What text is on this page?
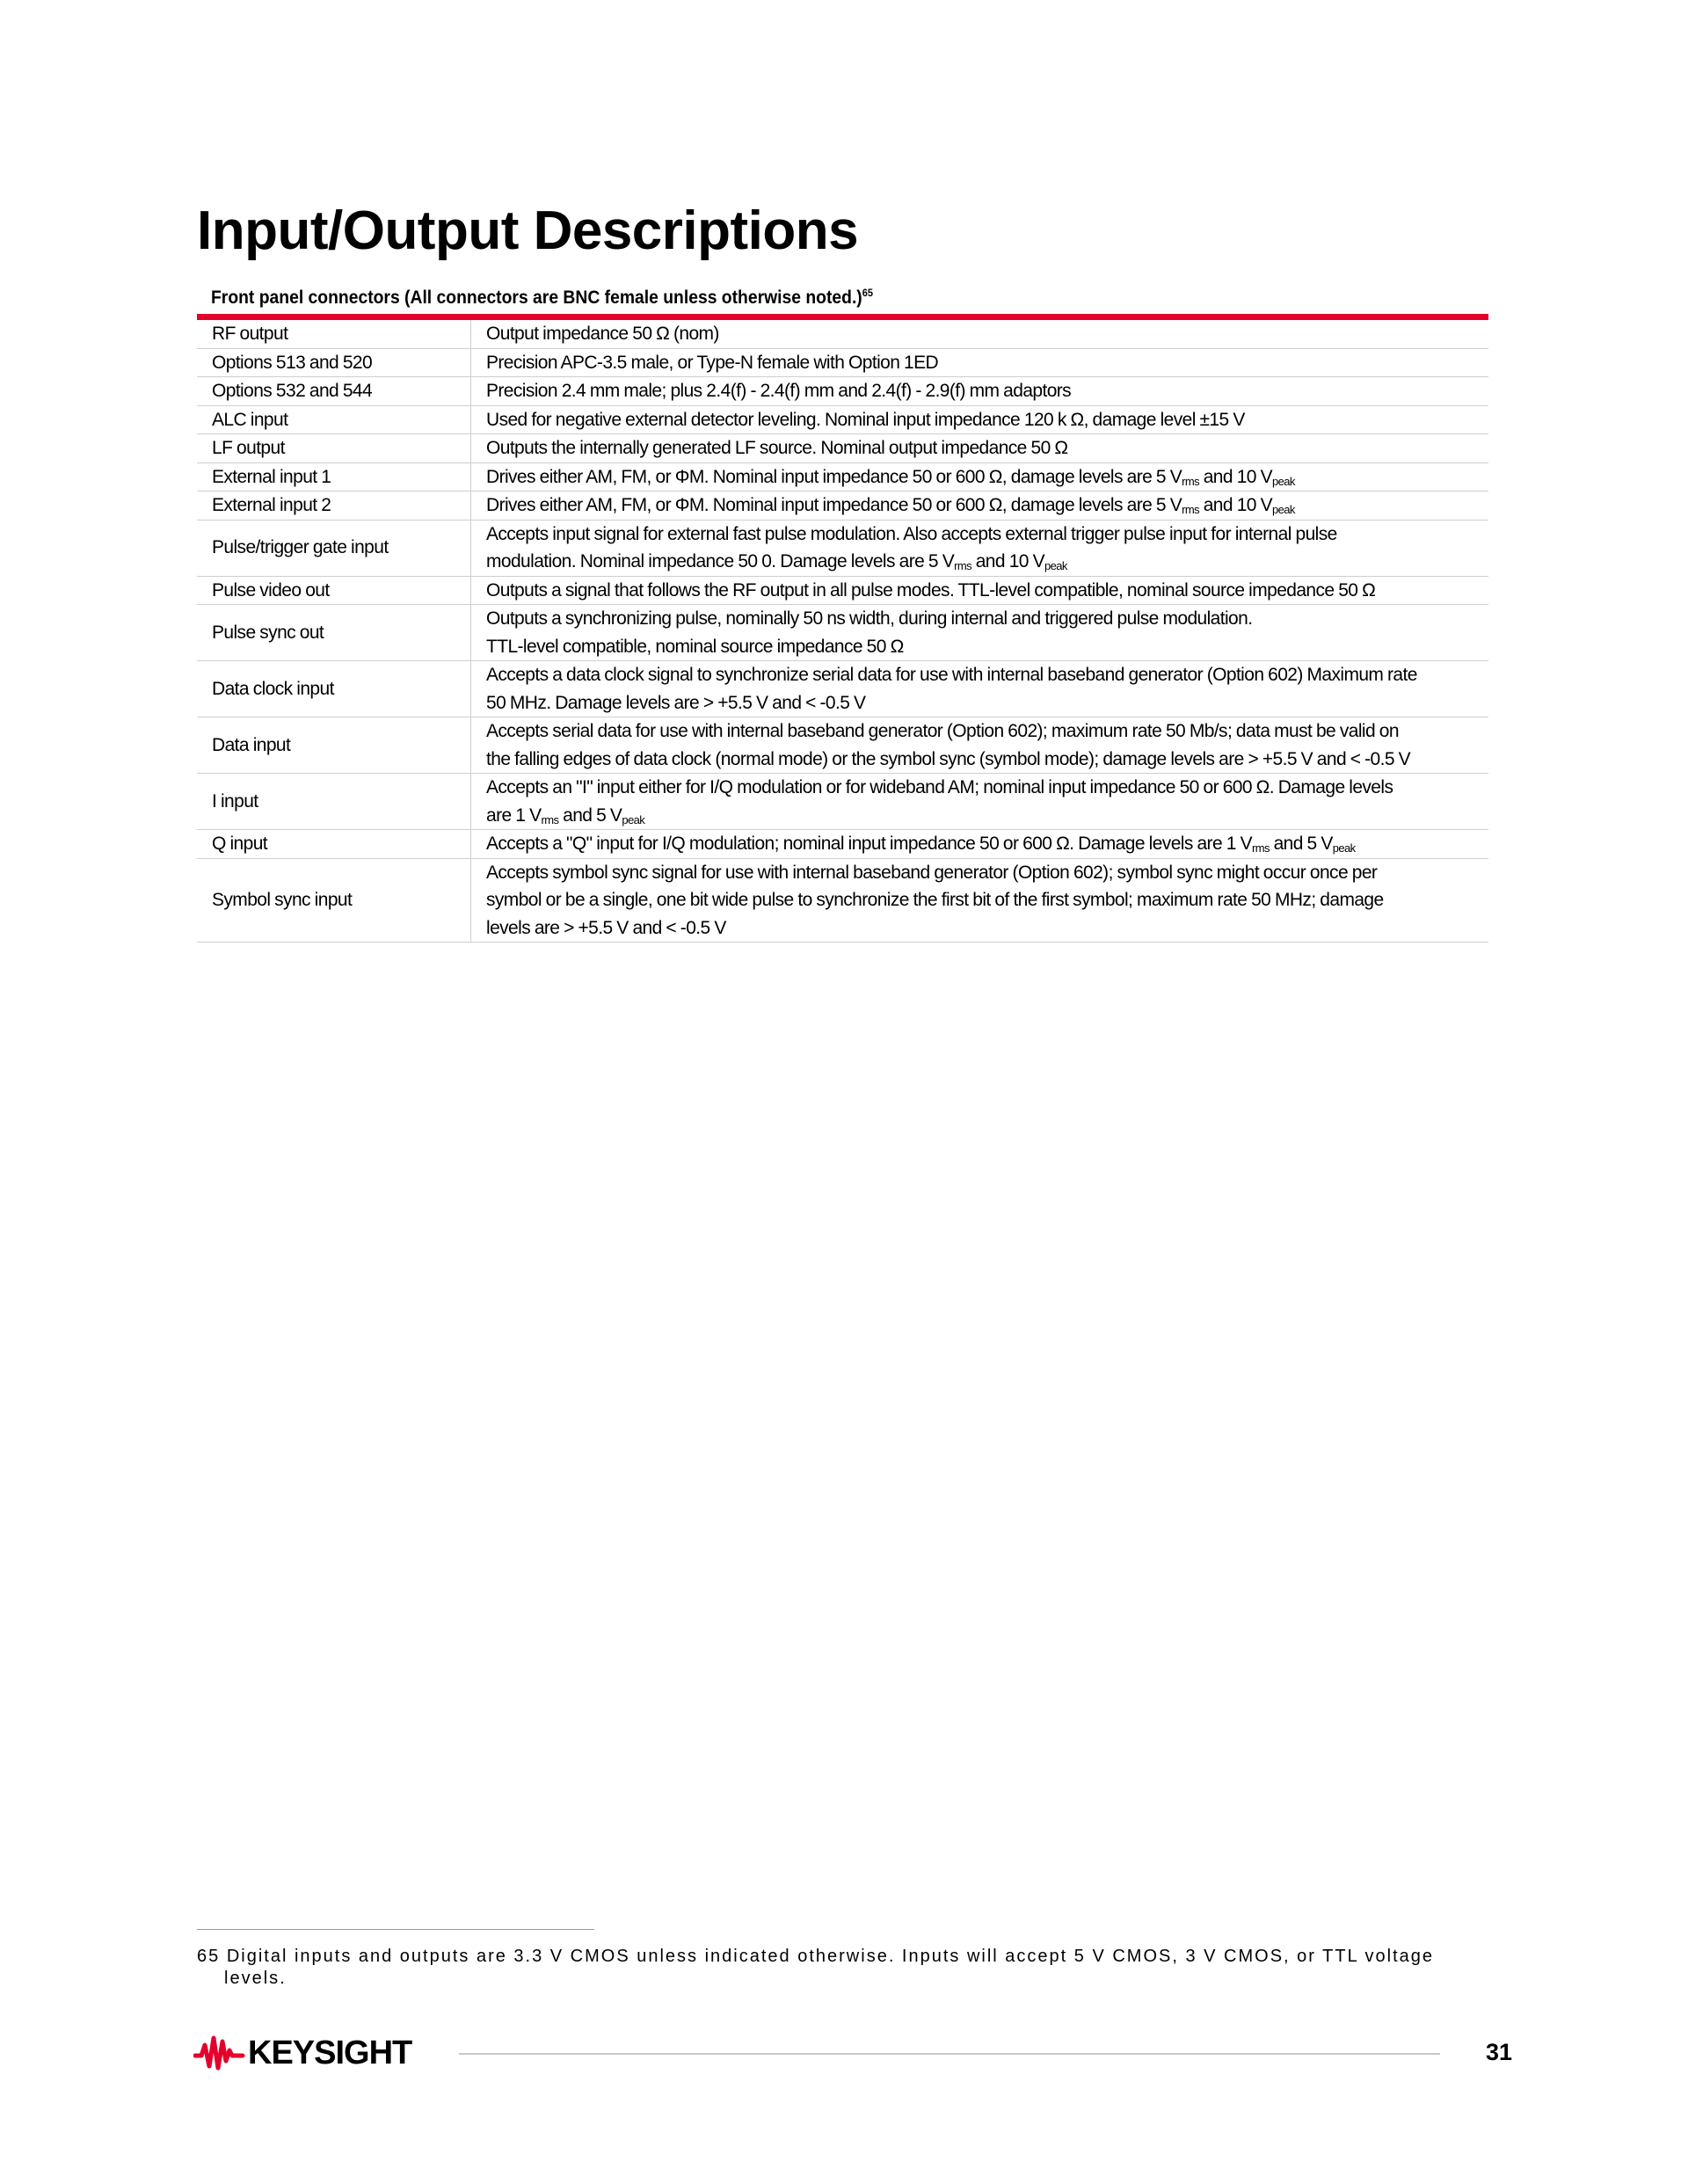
Input/Output Descriptions
Front panel connectors (All connectors are BNC female unless otherwise noted.)$^{65}$
RF output	Output impedance 50 Ω (nom)

Options 513 and 520	Precision APC-3.5 male, or Type-N female with Option 1ED

Options 532 and 544	Precision 2.4 mm male; plus 2.4(f) - 2.4(f) mm and 2.4(f) - 2.9(f) mm adaptors

ALC input	Used for negative external detector leveling. Nominal input impedance 120 k Ω, damage level ±15 V

LF output	Outputs the internally generated LF source. Nominal output impedance 50 Ω

External input 1	Drives either AM, FM, or ΦM. Nominal input impedance 50 or 600 Ω, damage levels are 5 $V_{rms}$ and 10 $V_{peak}$

External input 2	Drives either AM, FM, or ΦM. Nominal input impedance 50 or 600 Ω, damage levels are 5 $V_{rms}$ and 10 $V_{peak}$

Pulse/trigger gate input	Accepts input signal for external fast pulse modulation. Also accepts external trigger pulse input for internal pulse
modulation. Nominal impedance 50 0. Damage levels are 5 $V_{rms}$ and 10 $V_{peak}$

Pulse video out	Outputs a signal that follows the RF output in all pulse modes. TTL-level compatible, nominal source impedance 50 Ω

Pulse sync out	Outputs a synchronizing pulse, nominally 50 ns width, during internal and triggered pulse modulation.
TTL-level compatible, nominal source impedance 50 Ω

Data clock input	Accepts a data clock signal to synchronize serial data for use with internal baseband generator (Option 602) Maximum rate
50 MHz. Damage levels are > +5.5 V and < -0.5 V

Data input	Accepts serial data for use with internal baseband generator (Option 602); maximum rate 50 Mb/s; data must be valid on
the falling edges of data clock (normal mode) or the symbol sync (symbol mode); damage levels are > +5.5 V and < -0.5 V

I input	Accepts an "I" input either for I/Q modulation or for wideband AM; nominal input impedance 50 or 600 Ω. Damage levels
are 1 $V_{rms}$ and 5 $V_{peak}$

Q input	Accepts a "Q" input for I/Q modulation; nominal input impedance 50 or 600 Ω. Damage levels are 1 $V_{rms}$ and 5 $V_{peak}$

Symbol sync input	Accepts symbol sync signal for use with internal baseband generator (Option 602); symbol sync might occur once per
symbol or be a single, one bit wide pulse to synchronize the first bit of the first symbol; maximum rate 50 MHz; damage
levels are > +5.5 V and < -0.5 V
65 Digital inputs and outputs are 3.3 V CMOS unless indicated otherwise. Inputs will accept 5 V CMOS, 3 V CMOS, or TTL voltage
levels.
KEYSIGHT	31
